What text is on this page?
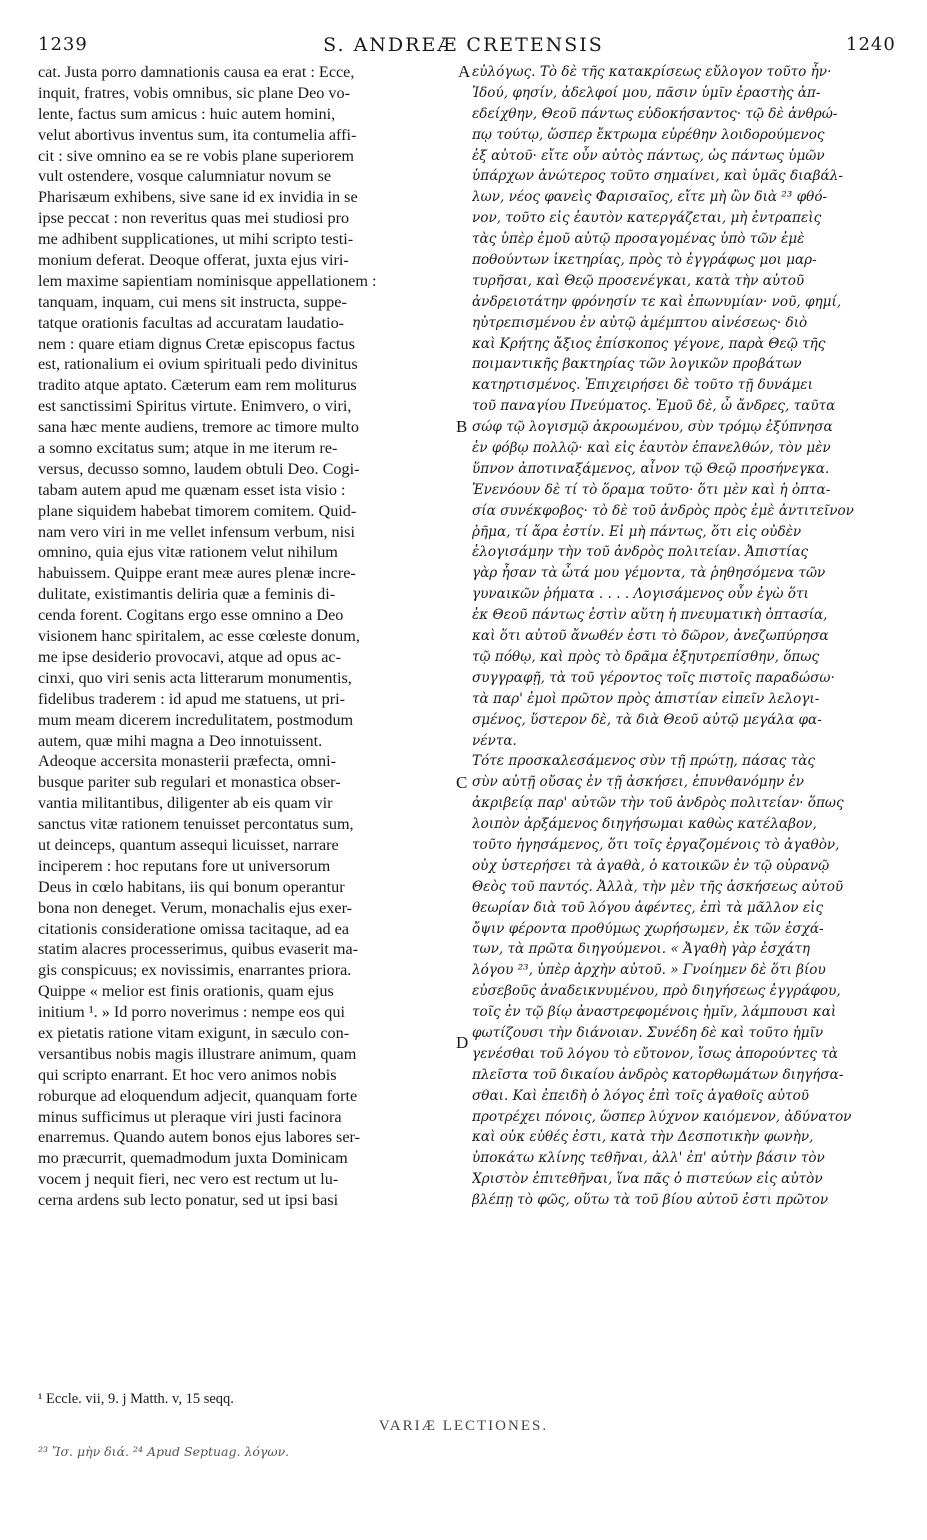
1239	S. ANDREÆ CRETENSIS	1240
cat. Justa porro damnationis causa ea erat : Ecce,
inquit, fratres, vobis omnibus, sic plane Deo vo-
lente, factus sum amicus : huic autem homini,
velut abortivus inventus sum, ita contumelia affi-
cit : sive omnino ea se re vobis plane superiorem
vult ostendere, vosque calumniatur novum se
Pharisæum exhibens, sive sane id ex invidia in se
ipse peccat : non reveritus quas mei studiosi pro
me adhibent supplicationes, ut mihi scripto testi-
monium deferat. Deoque offerat, juxta ejus viri-
lem maxime sapientiam nominisque appellationem :
tanquam, inquam, cui mens sit instructa, suppe-
tatque orationis facultas ad accuratam laudatio-
nem : quare etiam dignus Cretæ episcopus factus
est, rationalium ei ovium spirituali pedo divinitus
tradito atque aptato. Cæterum eam rem moliturus
est sanctissimi Spiritus virtute. Enimvero, o viri,
sana hæc mente audiens, tremore ac timore multo
a somno excitatus sum; atque in me iterum re-
versus, decusso somno, laudem obtuli Deo. Cogi-
tabam autem apud me quænam esset ista visio :
plane siquidem habebat timorem comitem. Quid-
nam vero viri in me vellet infensum verbum, nisi
omnino, quia ejus vitæ rationem velut nihilum
habuissem. Quippe erant meæ aures plenæ incre-
dulitate, existimantis deliria quæ a feminis di-
cenda forent. Cogitans ergo esse omnino a Deo
visionem hanc spiritalem, ac esse cœleste donum,
me ipse desiderio provocavi, atque ad opus ac-
cinxi, quo viri senis acta litterarum monumentis,
fidelibus traderem : id apud me statuens, ut pri-
mum meam dicerem incredulitatem, postmodum
autem, quæ mihi magna a Deo innotuissent.
Adeoque accersita monasterii præfecta, omni-
busque pariter sub regulari et monastica obser-
vantia militantibus, diligenter ab eis quam vir
sanctus vitæ rationem tenuisset percontatus sum,
ut deinceps, quantum assequi licuisset, narrare
inciperem : hoc reputans fore ut universorum
Deus in cœlo habitans, iis qui bonum operantur
bona non deneget. Verum, monachalis ejus exer-
citationis consideratione omissa tacitaque, ad ea
statim alacres processerimus, quibus evaserit ma-
gis conspicuus; ex novissimis, enarrantes priora.
Quippe « melior est finis orationis, quam ejus
initium ¹. » Id porro noverimus : nempe eos qui
ex pietatis ratione vitam exigunt, in sæculo con-
versantibus nobis magis illustrare animum, quam
qui scripto enarrant. Et hoc vero animos nobis
roburque ad eloquendum adjecit, quanquam forte
minus sufficimus ut pleraque viri justi facinora
enarremus. Quando autem bonos ejus labores ser-
mo præcurrit, quemadmodum juxta Dominicam
vocem j nequit fieri, nec vero est rectum ut lu-
cerna ardens sub lecto ponatur, sed ut ipsi basi
εὐλόγως. Τὸ δὲ τῆς κατακρίσεως εὔλογον τοῦτο ἦν·
Ἰδού, φησίν, ἀδελφοί μου, πᾶσιν ὑμῖν ἐραστὴς ἀπ-
εδείχθην, Θεοῦ πάντως εὐδοκήσαντος· τῷ δὲ ἀνθρώ-
πῳ τούτῳ, ὥσπερ ἔκτρωμα εὑρέθην λοιδορούμενος
ἐξ αὐτοῦ· εἴτε οὖν αὐτὸς πάντως, ὡς πάντως ὑμῶν
ὑπάρχων ἀνώτερος τοῦτο σημαίνει, καὶ ὑμᾶς διαβάλ-
λων, νέος φανεὶς Φαρισαῖος, εἴτε μὴ ὢν διὰ ²³ φθό-
νον, τοῦτο εἰς ἑαυτὸν κατεργάζεται, μὴ ἐντραπεὶς
τὰς ὑπὲρ ἐμοῦ αὐτῷ προσαγομένας ὑπὸ τῶν ἐμὲ
ποθούντων ἱκετηρίας, πρὸς τὸ ἐγγράφως μοι μαρ-
τυρῆσαι, καὶ Θεῷ προσενέγκαι, κατὰ τὴν αὐτοῦ
ἀνδρειοτάτην φρόνησίν τε καὶ ἐπωνυμίαν· νοῦ, φημί,
ηὐτρεπισμένου ἐν αὐτῷ ἀμέμπτου αἰνέσεως· διὸ
καὶ Κρήτης ἄξιος ἐπίσκοπος γέγονε, παρὰ Θεῷ τῆς
ποιμαντικῆς βακτηρίας τῶν λογικῶν προβάτων
κατηρτισμένος. Ἐπιχειρήσει δὲ τοῦτο τῇ δυνάμει
τοῦ παναγίου Πνεύματος. Ἐμοῦ δὲ, ὦ ἄνδρες, ταῦτα
σώφ τῷ λογισμῷ ἀκροωμένου, σὺν τρόμῳ ἐξύπνησα
ἐν φόβῳ πολλῷ· καὶ εἰς ἑαυτὸν ἐπανελθών, τὸν μὲν
ὕπνον ἀποτιναξάμενος, αἶνον τῷ Θεῷ προσήνεγκα.
Ἐνενόουν δὲ τί τὸ ὅραμα τοῦτο· ὅτι μὲν καὶ ἡ ὀπτα-
σία συνέκφοβος· τὸ δὲ τοῦ ἀνδρὸς πρὸς ἐμὲ ἀντιτεῖνον
ῥῆμα, τί ἄρα ἐστίν. Εἰ μὴ πάντως, ὅτι εἰς οὐδὲν
ἐλογισάμην τὴν τοῦ ἀνδρὸς πολιτείαν. Ἀπιστίας
γὰρ ἦσαν τὰ ὦτά μου γέμοντα, τὰ ῥηθησόμενα τῶν
γυναικῶν ῥήματα . . . . Λογισάμενος οὖν ἐγὼ ὅτι
ἐκ Θεοῦ πάντως ἐστὶν αὕτη ἡ πνευματικὴ ὀπτασία,
καὶ ὅτι αὐτοῦ ἄνωθέν ἐστι τὸ δῶρον, ἀνεζωπύρησα
τῷ πόθῳ, καὶ πρὸς τὸ δρᾶμα ἐξηυτρεπίσθην, ὅπως
συγγραφῇ, τὰ τοῦ γέροντος τοῖς πιστοῖς παραδώσω·
τὰ παρ' ἐμοὶ πρῶτον πρὸς ἀπιστίαν εἰπεῖν λελογι-
σμένος, ὕστερον δὲ, τὰ διὰ Θεοῦ αὐτῷ μεγάλα φα-
νέντα.
Τότε προσκαλεσάμενος σὺν τῇ πρώτῃ, πάσας τὰς
σὺν αὐτῇ οὔσας ἐν τῇ ἀσκήσει, ἐπυνθανόμην ἐν
ἀκριβείᾳ παρ' αὐτῶν τὴν τοῦ ἀνδρὸς πολιτείαν· ὅπως
λοιπὸν ἀρξάμενος διηγήσωμαι καθὼς κατέλαβον,
τοῦτο ἡγησάμενος, ὅτι τοῖς ἐργαζομένοις τὸ ἀγαθὸν,
οὐχ ὑστερήσει τὰ ἀγαθὰ, ὁ κατοικῶν ἐν τῷ οὐρανῷ
Θεὸς τοῦ παντός. Ἀλλὰ, τὴν μὲν τῆς ἀσκήσεως αὐτοῦ
θεωρίαν διὰ τοῦ λόγου ἀφέντες, ἐπὶ τὰ μᾶλλον εἰς
ὄψιν φέροντα προθύμως χωρήσωμεν, ἐκ τῶν ἐσχά-
των, τὰ πρῶτα διηγούμενοι. « Ἀγαθὴ γὰρ ἐσχάτη
λόγου ²³, ὑπὲρ ἀρχὴν αὐτοῦ. » Γνοίημεν δὲ ὅτι βίου
εὐσεβοῦς ἀναδεικνυμένου, πρὸ διηγήσεως ἐγγράφου,
τοῖς ἐν τῷ βίῳ ἀναστρεφομένοις ἡμῖν, λάμπουσι καὶ
φωτίζουσι τὴν διάνοιαν. Συνέδη δὲ καὶ τοῦτο ἡμῖν
γενέσθαι τοῦ λόγου τὸ εὔτονον, ἴσως ἀπορούντες τὰ
πλεῖστα τοῦ δικαίου ἀνδρὸς κατορθωμάτων διηγήσα-
σθαι. Καὶ ἐπειδὴ ὁ λόγος ἐπὶ τοῖς ἀγαθοῖς αὐτοῦ
προτρέχει πόνοις, ὥσπερ λύχνον καιόμενον, ἀδύνατον
καὶ οὐκ εὐθές ἐστι, κατὰ τὴν Δεσποτικὴν φωνὴν,
ὑποκάτω κλίνης τεθῆναι, ἀλλ' ἐπ' αὐτὴν βάσιν τὸν
Χριστὸν ἐπιτεθῆναι, ἵνα πᾶς ὁ πιστεύων εἰς αὐτὸν
βλέπῃ τὸ φῶς, οὕτω τὰ τοῦ βίου αὐτοῦ ἐστι πρῶτον
A
B
C
D
¹ Eccle. vii, 9. j Matth. v, 15 seqq.
VARIÆ LECTIONES.
²³ Ἴσ. μὴν διά. ²⁴ Apud Septuag. λόγων.
